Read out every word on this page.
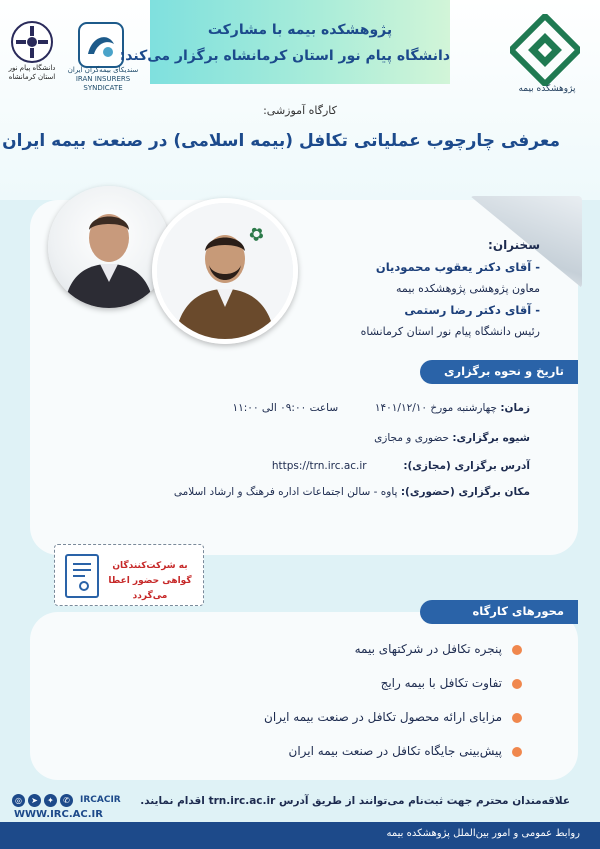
پژوهشکده بیمه
سندیکای بیمه‌گران ایران
IRAN INSURERS SYNDICATE
دانشگاه پیام نور
استان کرمانشاه
پژوهشکده بیمه با مشارکت
دانشگاه پیام نور استان کرمانشاه برگزار می‌کند:
کارگاه آموزشی:
معرفی چارچوب عملیاتی تکافل (بیمه اسلامی) در صنعت بیمه ایران
✿	سخنران:
- آقای دکتر یعقوب محمودیان
معاون پژوهشی پژوهشکده بیمه
- آقای دکتر رضا رستمی
رئیس دانشگاه پیام نور استان کرمانشاه
تاریخ و نحوه برگزاری
زمان: چهارشنبه مورخ ۱۴۰۱/۱۲/۱۰  ساعت ۰۹:۰۰ الی ۱۱:۰۰
شیوه برگزاری: حضوری و مجازی
آدرس برگزاری (مجازی):  https://trn.irc.ac.ir
مکان برگزاری (حضوری): پاوه - سالن اجتماعات اداره فرهنگ و ارشاد اسلامی
به شرکت‌کنندگان
گواهی حضور اعطا می‌گردد
محورهای کارگاه
پنجره تکافل در شرکتهای بیمه
تفاوت تکافل با بیمه رایج
مزایای ارائه محصول تکافل در صنعت بیمه ایران
پیش‌بینی جایگاه تکافل در صنعت بیمه ایران
◎	➤	✦	✆	IRCACIR
WWW.IRC.AC.IR
علاقه‌مندان محترم جهت ثبت‌نام می‌توانند از طریق آدرس trn.irc.ac.ir اقدام نمایند.
روابط عمومی و امور بین‌الملل پژوهشکده بیمه
